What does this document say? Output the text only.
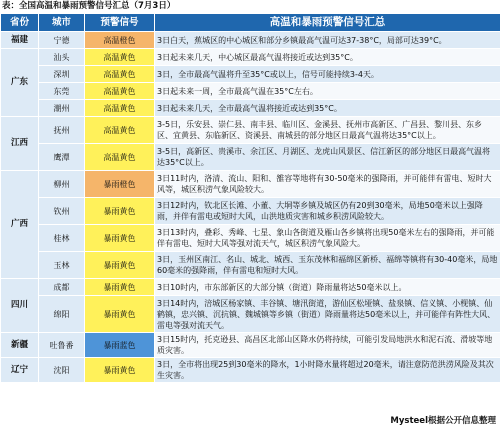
表：全国高温和暴雨预警信号汇总（7月3日）
省份	城市	预警信号	高温和暴雨预警信号汇总
福建	宁德	高温橙色	3日白天，蕉城区的中心城区和部分乡镇最高气温可达37-38°C，局部可达39°C。
广东	汕头	高温黄色	3日起未来几天，中心城区最高气温将接近或达到35°C。
	深圳	高温黄色	3日，全市最高气温将升至35°C或以上，信号可能持续3-4天。
	东莞	高温黄色	3日起未来一周，全市最高气温在35°C左右。
	潮州	高温黄色	3日起未来几天，全市最高气温将接近或达到35°C。
江西	抚州	高温黄色	3-5日，乐安县、崇仁县、南丰县、临川区、金溪县、抚州市高新区、广昌县、黎川县、东乡区、宜黄县、东临新区、资溪县、南城县的部分地区日最高气温将达35°C以上。
	鹰潭	高温黄色	3-5日，高新区、贵溪市、余江区、月湖区、龙虎山风景区、信江新区的部分地区日最高气温将达35°C以上。
广西	柳州	暴雨橙色	3日11时内，洛清、流山、阳和、雒容等地将有30-50毫米的强降雨，并可能伴有雷电、短时大风等，城区积涝气象风险较大。
	钦州	暴雨黄色	3日12时内，钦北区长滩、小董、大垌等乡镇及城区仍有20到30毫米，局地50毫米以上强降雨，并伴有雷电或短时大风，山洪地质灾害和城乡积涝风险较大。
	桂林	暴雨黄色	3日13时内，叠彩、秀峰、七星、象山各街道及雁山各乡镇将出现50毫米左右的强降雨，并可能伴有雷电、短时大风等强对流天气，城区积涝气象风险大。
	玉林	暴雨黄色	3日，玉州区南江、名山、城北、城西、玉东茂林和福绵区新桥、福绵等镇将有30-40毫米，局地60毫米的强降雨，伴有雷电和短时大风。
四川	成都	暴雨黄色	3日10时内，市东部新区的大部分镇（街道）降雨量将达50毫米以上。
	绵阳	暴雨黄色	3日14时内，涪城区杨家镇、丰谷镇、塘汛街道，游仙区松垭镇、盐泉镇、信义镇、小枧镇、仙鹤镇，忠兴镇、沉抗镇、魏城镇等乡镇（街道）降雨量将达50毫米以上，并可能伴有阵性大风、雷电等强对流天气。
新疆	吐鲁番	暴雨蓝色	3日15时内，托克逊县、高昌区北部山区降水仍将持续，可能引发局地洪水和泥石流、滑坡等地质灾害。
辽宁	沈阳	暴雨黄色	3日，全市将出现25到30毫米的降水，1小时降水量将超过20毫米，请注意防范洪涝风险及其次生灾害。
Mysteel根据公开信息整理
